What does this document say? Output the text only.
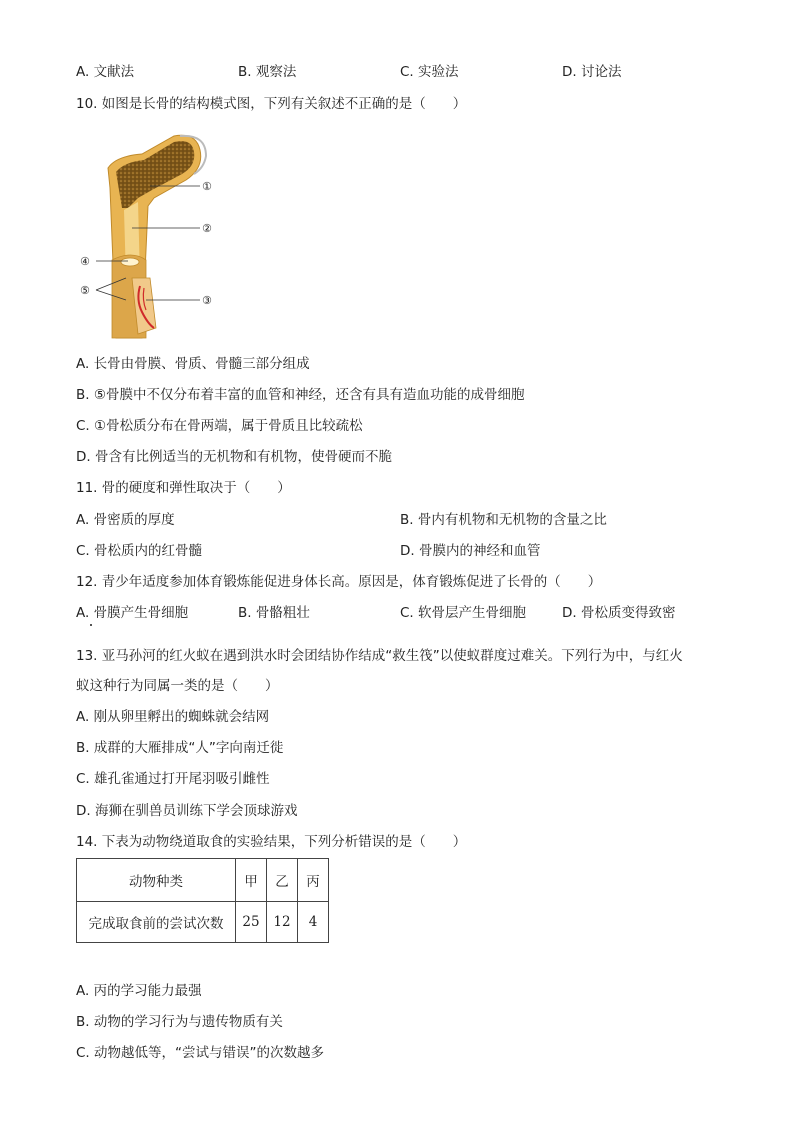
A. 文献法	B. 观察法	C. 实验法	D. 讨论法
10. 如图是长骨的结构模式图，下列有关叙述不正确的是（　　）
①
②
③
④
⑤
A. 长骨由骨膜、骨质、骨髓三部分组成
B. ⑤骨膜中不仅分布着丰富的血管和神经，还含有具有造血功能的成骨细胞
C. ①骨松质分布在骨两端，属于骨质且比较疏松
D. 骨含有比例适当的无机物和有机物，使骨硬而不脆
11. 骨的硬度和弹性取决于（　　）
A. 骨密质的厚度	B. 骨内有机物和无机物的含量之比
C. 骨松质内的红骨髓	D. 骨膜内的神经和血管
12. 青少年适度参加体育锻炼能促进身体长高。原因是，体育锻炼促进了长骨的（　　）
A. 骨膜产生骨细胞	B. 骨骼粗壮	C. 软骨层产生骨细胞	D. 骨松质变得致密
13. 亚马孙河的红火蚁在遇到洪水时会团结协作结成“救生筏”以使蚁群度过难关。下列行为中，与红火
蚁这种行为同属一类的是（　　）
A. 刚从卵里孵出的蜘蛛就会结网
B. 成群的大雁排成“人”字向南迁徙
C. 雄孔雀通过打开尾羽吸引雌性
D. 海狮在驯兽员训练下学会顶球游戏
14. 下表为动物绕道取食的实验结果，下列分析错误的是（　　）
动物种类	甲	乙	丙
完成取食前的尝试次数	25	12	4
A. 丙的学习能力最强
B. 动物的学习行为与遗传物质有关
C. 动物越低等，“尝试与错误”的次数越多
